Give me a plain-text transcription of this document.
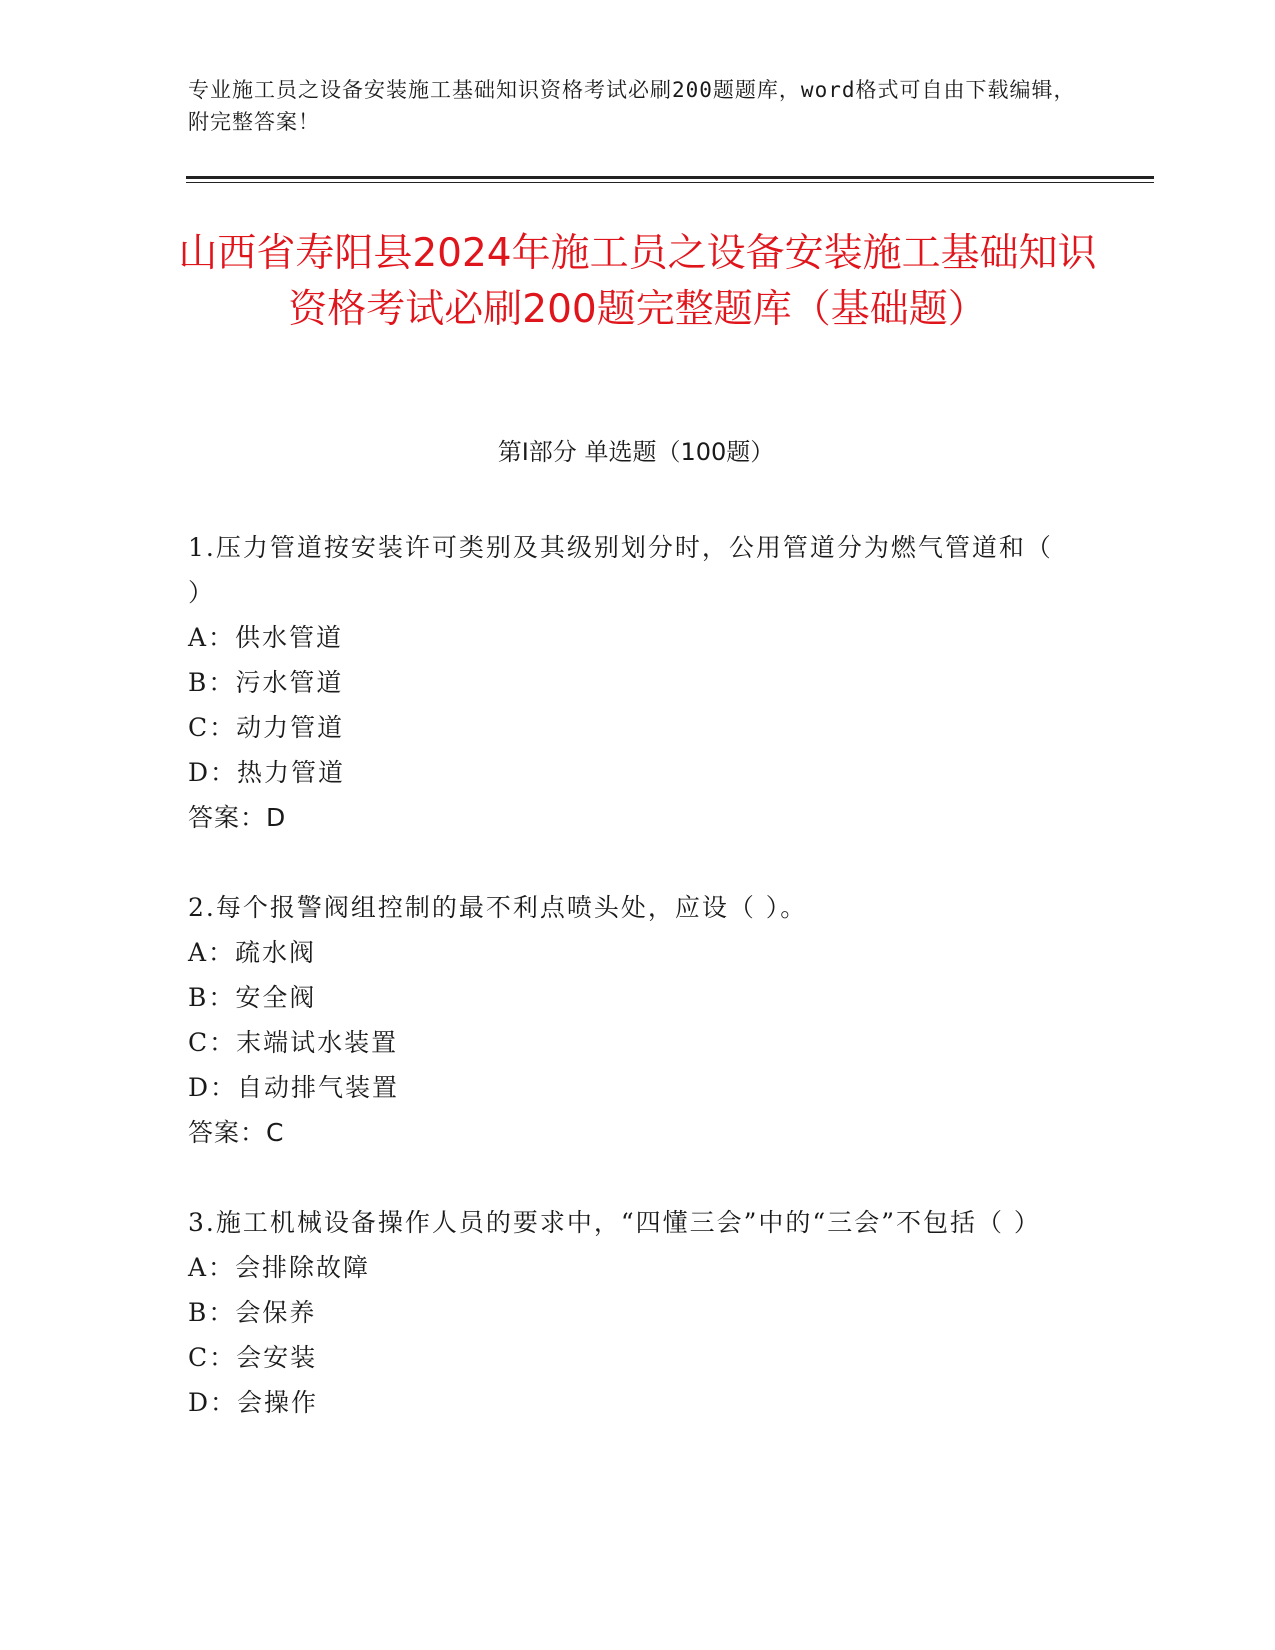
专业施工员之设备安装施工基础知识资格考试必刷200题题库，word格式可自由下载编辑，附完整答案！
山西省寿阳县2024年施工员之设备安装施工基础知识资格考试必刷200题完整题库（基础题）
第Ⅰ部分 单选题（100题）
1.压力管道按安装许可类别及其级别划分时，公用管道分为燃气管道和（ ）
A：供水管道
B：污水管道
C：动力管道
D：热力管道
答案：D
2.每个报警阀组控制的最不利点喷头处，应设（ ）。
A：疏水阀
B：安全阀
C：末端试水装置
D：自动排气装置
答案：C
3.施工机械设备操作人员的要求中，“四懂三会”中的“三会”不包括（ ）
A：会排除故障
B：会保养
C：会安装
D：会操作
